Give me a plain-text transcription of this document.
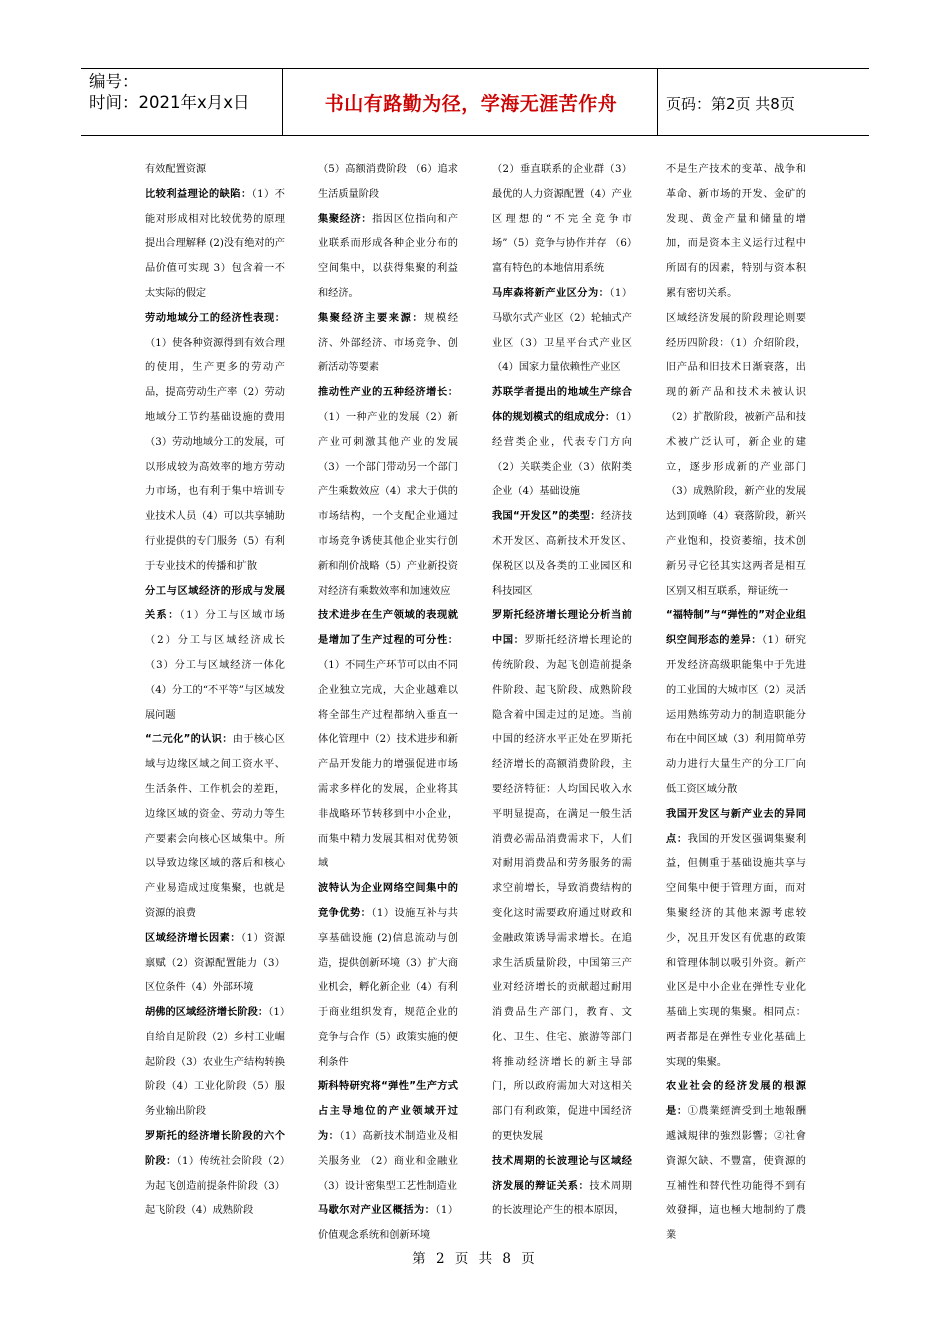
编号：
时间：2021年x月x日	书山有路勤为径，学海无涯苦作舟	页码：第2页 共8页
有效配置资源
比较利益理论的缺陷：（1）不能对形成相对比较优势的原理提出合理解释 (2)没有绝对的产品价值可实现 3）包含着一不太实际的假定
劳动地域分工的经济性表现：（1）使各种资源得到有效合理的使用，生产更多的劳动产品，提高劳动生产率（2）劳动地域分工节约基础设施的费用（3）劳动地域分工的发展，可以形成较为高效率的地方劳动力市场，也有利于集中培训专业技术人员（4）可以共享辅助行业提供的专门服务（5）有利于专业技术的传播和扩散
分工与区域经济的形成与发展关系：（1）分工与区域市场（2）分工与区域经济成长（3）分工与区域经济一体化（4）分工的“不平等”与区域发展问题
“二元化”的认识：由于核心区域与边缘区域之间工资水平、生活条件、工作机会的差距，边缘区域的资金、劳动力等生产要素会向核心区域集中。所以导致边缘区域的落后和核心产业易造成过度集聚，也就是资源的浪费
区域经济增长因素：（1）资源禀赋（2）资源配置能力（3）区位条件（4）外部环境
胡佛的区域经济增长阶段：（1）自给自足阶段（2）乡村工业崛起阶段（3）农业生产结构转换阶段（4）工业化阶段（5）服务业输出阶段
罗斯托的经济增长阶段的六个阶段：（1）传统社会阶段（2）为起飞创造前提条件阶段（3）起飞阶段（4）成熟阶段
（5）高额消费阶段 （6）追求生活质量阶段
集聚经济：指因区位指向和产业联系而形成各种企业分布的空间集中，以获得集聚的利益和经济。
集聚经济主要来源：规模经济、外部经济、市场竞争、创新活动等要素
推动性产业的五种经济增长：（1）一种产业的发展（2）新产业可刺激其他产业的发展（3）一个部门带动另一个部门产生乘数效应（4）求大于供的市场结构，一个支配企业通过市场竞争诱使其他企业实行创新和削价战略（5）产业新投资对经济有乘数效率和加速效应
技术进步在生产领域的表现就是增加了生产过程的可分性：（1）不同生产环节可以由不同企业独立完成，大企业越难以将全部生产过程都纳入垂直一体化管理中（2）技术进步和新产品开发能力的增强促进市场需求多样化的发展，企业将其非战略环节转移到中小企业，而集中精力发展其相对优势领域
波特认为企业网络空间集中的竞争优势：（1）设施互补与共享基础设施 (2)信息流动与创造，提供创新环境（3）扩大商业机会，孵化新企业（4）有利于商业组织发育，规范企业的竞争与合作（5）政策实施的便利条件
斯科特研究将“弹性”生产方式占主导地位的产业领域开过为：（1）高新技术制造业及相关服务业 （2）商业和金融业（3）设计密集型工艺性制造业
马歇尔对产业区概括为：（1）价值观念系统和创新环境
（2）垂直联系的企业群（3）最优的人力资源配置（4）产业区理想的“不完全竞争市场”（5）竞争与协作并存 （6）富有特色的本地信用系统
马库森将新产业区分为：（1）马歇尔式产业区（2）轮轴式产业区（3）卫星平台式产业区（4）国家力量依赖性产业区
苏联学者提出的地域生产综合体的规划模式的组成成分：（1）经营类企业，代表专门方向 （2）关联类企业（3）依附类企业（4）基础设施
我国“开发区”的类型：经济技术开发区、高新技术开发区、保税区以及各类的工业园区和科技园区
罗斯托经济增长理论分析当前中国：罗斯托经济增长理论的传统阶段、为起飞创造前提条件阶段、起飞阶段、成熟阶段隐含着中国走过的足迹。当前中国的经济水平正处在罗斯托经济增长的高额消费阶段，主要经济特征：人均国民收入水平明显提高，在满足一般生活消费必需品消费需求下，人们对耐用消费品和劳务服务的需求空前增长，导致消费结构的变化这时需要政府通过财政和金融政策诱导需求增长。在追求生活质量阶段，中国第三产业对经济增长的贡献超过耐用消费品生产部门，教育、文化、卫生、住宅、旅游等部门将推动经济增长的新主导部门，所以政府需加大对这相关部门有利政策，促进中国经济的更快发展
技术周期的长波理论与区域经济发展的辩证关系：技术周期的长波理论产生的根本原因，
不是生产技术的变革、战争和革命、新市场的开发、金矿的发现、黄金产量和储量的增加，而是资本主义运行过程中所固有的因素，特别与资本积累有密切关系。
区域经济发展的阶段理论则要经历四阶段：（1）介绍阶段，旧产品和旧技术日渐衰落，出现的新产品和技术未被认识（2）扩散阶段，被新产品和技术被广泛认可，新企业的建立，逐步形成新的产业部门（3）成熟阶段，新产业的发展达到顶峰（4）衰落阶段，新兴产业饱和，投资萎缩，技术创新另寻它径其实这两者是相互区别又相互联系，辩证统一
“福特制”与“弹性的”对企业组织空间形态的差异：（1）研究开发经济高级职能集中于先进的工业国的大城市区（2）灵活运用熟练劳动力的制造职能分布在中间区域（3）利用简单劳动力进行大量生产的分工厂向低工资区域分散
我国开发区与新产业去的异同点：我国的开发区强调集聚利益，但侧重于基础设施共享与空间集中便于管理方面，而对集聚经济的其他来源考虑较少，况且开发区有优惠的政策和管理体制以吸引外资。新产业区是中小企业在弹性专业化基础上实现的集聚。相同点：两者都是在弹性专业化基础上实现的集聚。
农业社会的经济发展的根源是：①農業經濟受到土地報酬遞減規律的強烈影響；②社會資源欠缺、不豐富，使資源的互補性和替代性功能得不到有效發揮，這也極大地制約了農業
第 2 页 共 8 页
